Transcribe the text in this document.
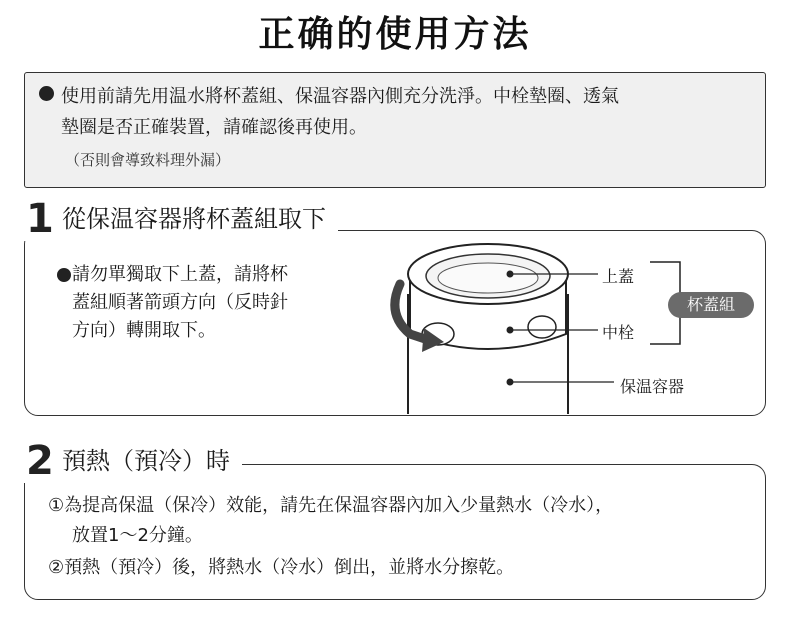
正确的使用方法
使用前請先用温水將杯蓋組、保温容器內側充分洗淨。中栓墊圈、透氣
墊圈是否正確裝置，請確認後再使用。
（否則會導致料理外漏）
1 從保温容器將杯蓋組取下
請勿單獨取下上蓋，請將杯
蓋組順著箭頭方向（反時針
方向）轉開取下。
上蓋
中栓
保温容器
杯蓋組
2 預熱（預冷）時
①為提高保温（保冷）效能，請先在保温容器內加入少量熱水（冷水），
放置1～2分鐘。
②預熱（預冷）後，將熱水（冷水）倒出，並將水分擦乾。
